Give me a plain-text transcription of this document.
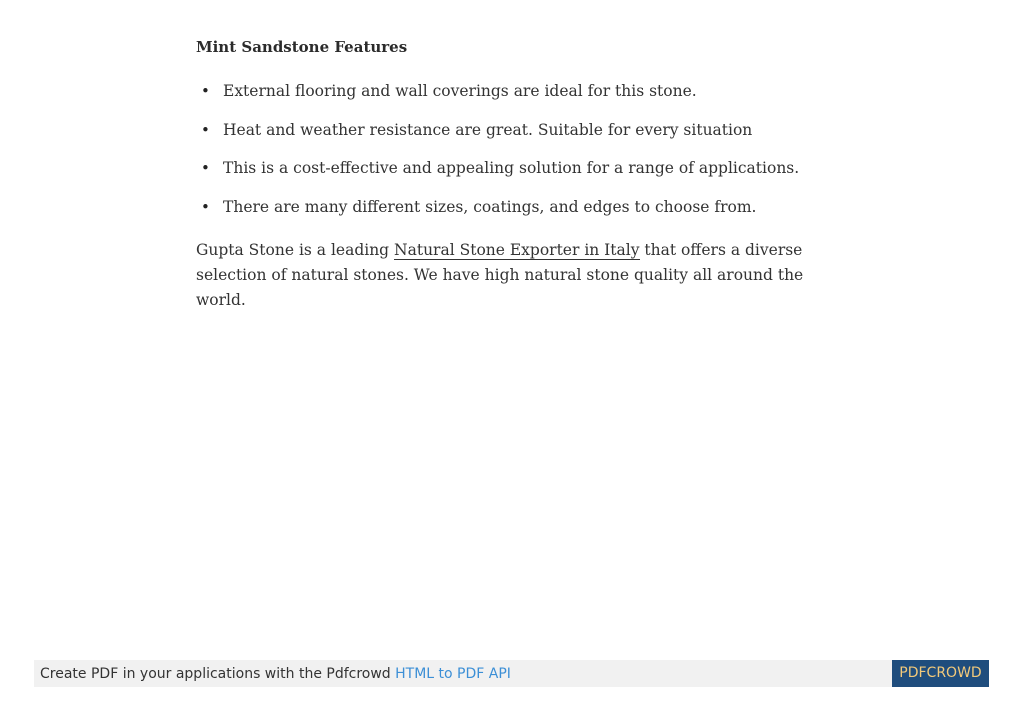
Mint Sandstone Features
• External flooring and wall coverings are ideal for this stone.
• Heat and weather resistance are great. Suitable for every situation
• This is a cost-effective and appealing solution for a range of applications.
• There are many different sizes, coatings, and edges to choose from.

Gupta Stone is a leading Natural Stone Exporter in Italy that offers a diverse selection of natural stones. We have high natural stone quality all around the world.

Create PDF in your applications with the Pdfcrowd HTML to PDF API	PDFCROWD
